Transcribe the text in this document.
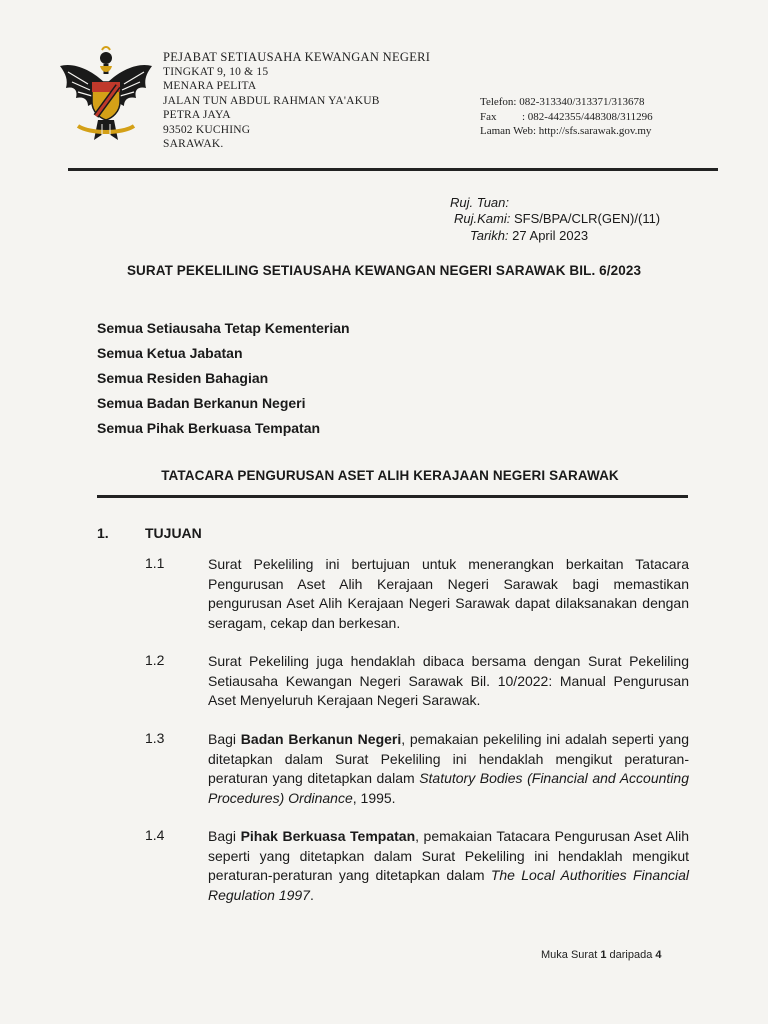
PEJABAT SETIAUSAHA KEWANGAN NEGERI
TINGKAT 9, 10 & 15
MENARA PELITA
JALAN TUN ABDUL RAHMAN YA'AKUB
PETRA JAYA
93502 KUCHING
SARAWAK.
Telefon:
082-313340/313371/313678
Fax	: 082-442355/448308/311296
Laman Web:
http://sfs.sarawak.gov.my
Ruj. Tuan:
Ruj.Kami: SFS/BPA/CLR(GEN)/(11)
Tarikh: 27 April 2023
SURAT PEKELILING SETIAUSAHA KEWANGAN NEGERI SARAWAK BIL. 6/2023
Semua Setiausaha Tetap Kementerian
Semua Ketua Jabatan
Semua Residen Bahagian
Semua Badan Berkanun Negeri
Semua Pihak Berkuasa Tempatan
TATACARA PENGURUSAN ASET ALIH KERAJAAN NEGERI SARAWAK
1.	TUJUAN
1.1	Surat Pekeliling ini bertujuan untuk menerangkan berkaitan Tatacara Pengurusan Aset Alih Kerajaan Negeri Sarawak bagi memastikan pengurusan Aset Alih Kerajaan Negeri Sarawak dapat dilaksanakan dengan seragam, cekap dan berkesan.
1.2	Surat Pekeliling juga hendaklah dibaca bersama dengan Surat Pekeliling Setiausaha Kewangan Negeri Sarawak Bil. 10/2022: Manual Pengurusan Aset Menyeluruh Kerajaan Negeri Sarawak.
1.3	Bagi Badan Berkanun Negeri, pemakaian pekeliling ini adalah seperti yang ditetapkan dalam Surat Pekeliling ini hendaklah mengikut peraturan-peraturan yang ditetapkan dalam Statutory Bodies (Financial and Accounting Procedures) Ordinance, 1995.
1.4	Bagi Pihak Berkuasa Tempatan, pemakaian Tatacara Pengurusan Aset Alih seperti yang ditetapkan dalam Surat Pekeliling ini hendaklah mengikut peraturan-peraturan yang ditetapkan dalam The Local Authorities Financial Regulation 1997.
Muka Surat 1 daripada 4
